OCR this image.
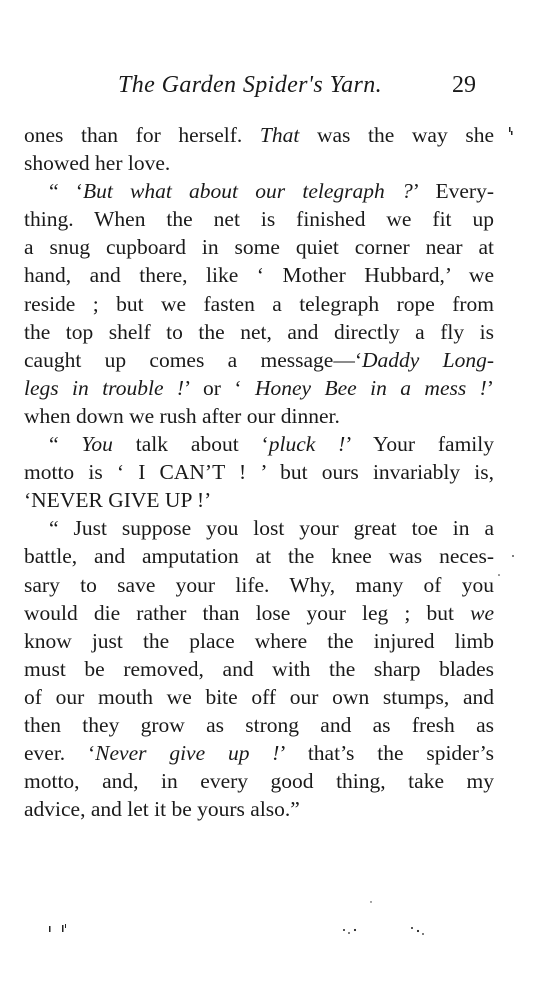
The Garden Spider's Yarn.	29
ones than for herself. That was the way she
showed her love.
“ ‘But what about our telegraph ?’ Every-
thing. When the net is finished we fit up
a snug cupboard in some quiet corner near at
hand, and there, like ‘ Mother Hubbard,’ we
reside ; but we fasten a telegraph rope from
the top shelf to the net, and directly a fly is
caught up comes a message—‘Daddy Long-
legs in trouble !’ or ‘ Honey Bee in a mess !’
when down we rush after our dinner.
“ You talk about ‘pluck !’ Your family
motto is ‘ I CAN’T ! ’ but ours invariably is,
‘NEVER GIVE UP !’
“ Just suppose you lost your great toe in a
battle, and amputation at the knee was neces-
sary to save your life. Why, many of you
would die rather than lose your leg ; but we
know just the place where the injured limb
must be removed, and with the sharp blades
of our mouth we bite off our own stumps, and
then they grow as strong and as fresh as
ever. ‘Never give up !’ that’s the spider’s
motto, and, in every good thing, take my
advice, and let it be yours also.”
